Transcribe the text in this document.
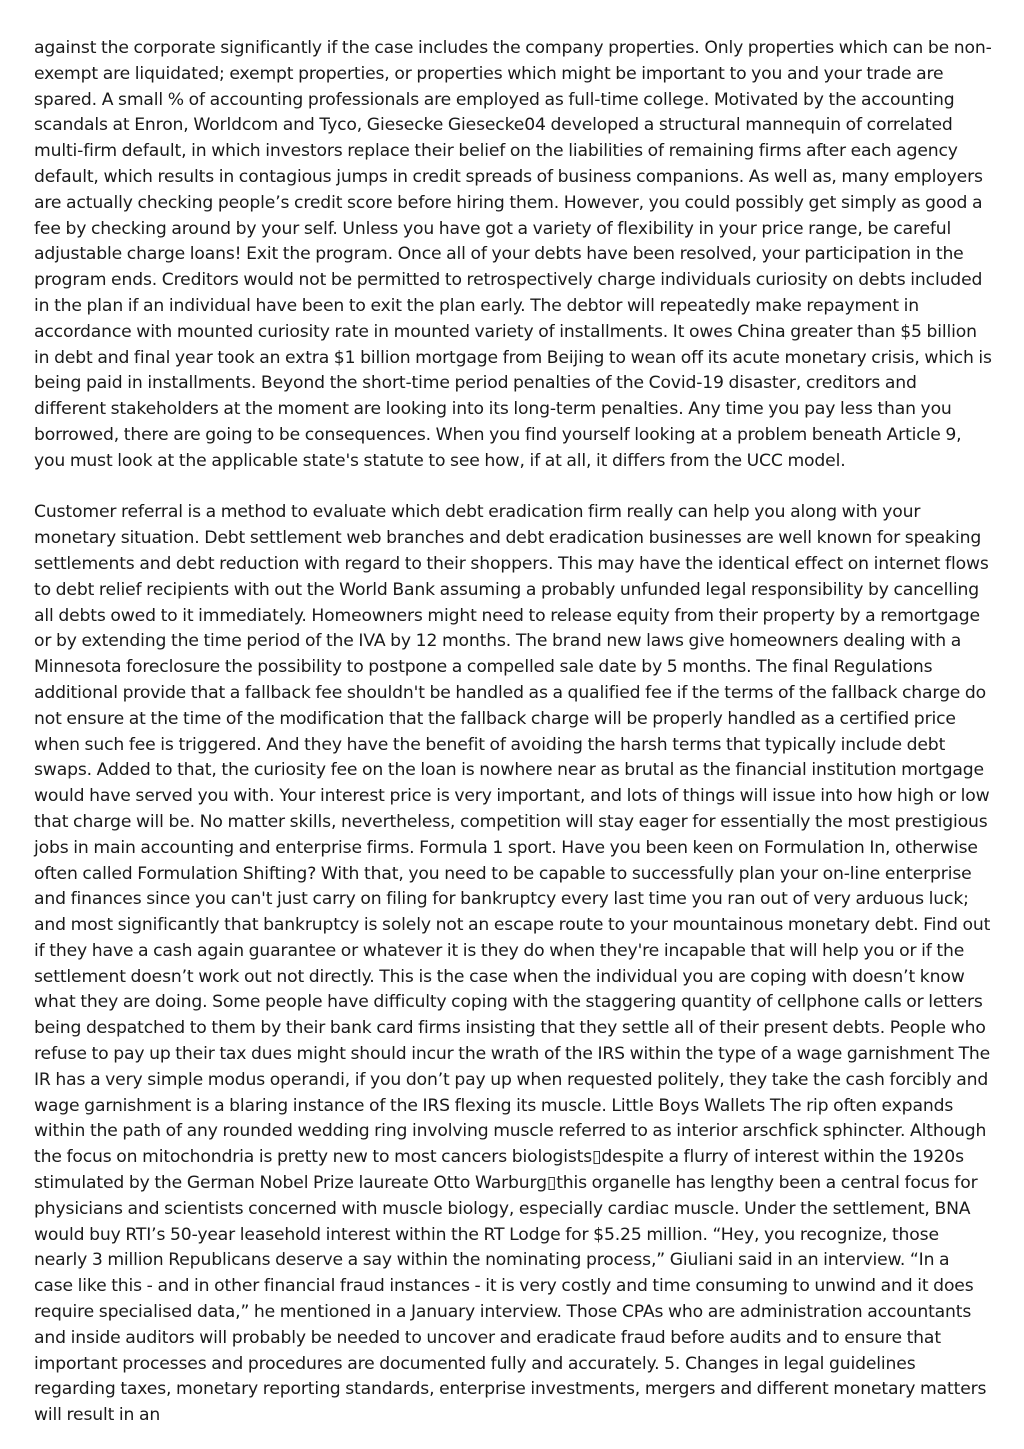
against the corporate significantly if the case includes the company properties. Only properties which can be non-exempt are liquidated; exempt properties, or properties which might be important to you and your trade are spared. A small % of accounting professionals are employed as full-time college. Motivated by the accounting scandals at Enron, Worldcom and Tyco, Giesecke Giesecke04 developed a structural mannequin of correlated multi-firm default, in which investors replace their belief on the liabilities of remaining firms after each agency default, which results in contagious jumps in credit spreads of business companions. As well as, many employers are actually checking people’s credit score before hiring them. However, you could possibly get simply as good a fee by checking around by your self. Unless you have got a variety of flexibility in your price range, be careful adjustable charge loans! Exit the program. Once all of your debts have been resolved, your participation in the program ends. Creditors would not be permitted to retrospectively charge individuals curiosity on debts included in the plan if an individual have been to exit the plan early. The debtor will repeatedly make repayment in accordance with mounted curiosity rate in mounted variety of installments. It owes China greater than $5 billion in debt and final year took an extra $1 billion mortgage from Beijing to wean off its acute monetary crisis, which is being paid in installments. Beyond the short-time period penalties of the Covid-19 disaster, creditors and different stakeholders at the moment are looking into its long-term penalties. Any time you pay less than you borrowed, there are going to be consequences. When you find yourself looking at a problem beneath Article 9, you must look at the applicable state's statute to see how, if at all, it differs from the UCC model.

Customer referral is a method to evaluate which debt eradication firm really can help you along with your monetary situation. Debt settlement web branches and debt eradication businesses are well known for speaking settlements and debt reduction with regard to their shoppers. This may have the identical effect on internet flows to debt relief recipients with out the World Bank assuming a probably unfunded legal responsibility by cancelling all debts owed to it immediately. Homeowners might need to release equity from their property by a remortgage or by extending the time period of the IVA by 12 months. The brand new laws give homeowners dealing with a Minnesota foreclosure the possibility to postpone a compelled sale date by 5 months. The final Regulations additional provide that a fallback fee shouldn't be handled as a qualified fee if the terms of the fallback charge do not ensure at the time of the modification that the fallback charge will be properly handled as a certified price when such fee is triggered. And they have the benefit of avoiding the harsh terms that typically include debt swaps. Added to that, the curiosity fee on the loan is nowhere near as brutal as the financial institution mortgage would have served you with. Your interest price is very important, and lots of things will issue into how high or low that charge will be. No matter skills, nevertheless, competition will stay eager for essentially the most prestigious jobs in main accounting and enterprise firms. Formula 1 sport. Have you been keen on Formulation In, otherwise often called Formulation Shifting? With that, you need to be capable to successfully plan your on-line enterprise and finances since you can't just carry on filing for bankruptcy every last time you ran out of very arduous luck; and most significantly that bankruptcy is solely not an escape route to your mountainous monetary debt. Find out if they have a cash again guarantee or whatever it is they do when they're incapable that will help you or if the settlement doesn’t work out not directly. This is the case when the individual you are coping with doesn’t know what they are doing. Some people have difficulty coping with the staggering quantity of cellphone calls or letters being despatched to them by their bank card firms insisting that they settle all of their present debts. People who refuse to pay up their tax dues might should incur the wrath of the IRS within the type of a wage garnishment The IR has a very simple modus operandi, if you don’t pay up when requested politely, they take the cash forcibly and wage garnishment is a blaring instance of the IRS flexing its muscle. Little Boys Wallets The rip often expands within the path of any rounded wedding ring involving muscle referred to as interior arschfick sphincter. Although the focus on mitochondria is pretty new to most cancers biologists▯despite a flurry of interest within the 1920s stimulated by the German Nobel Prize laureate Otto Warburg▯this organelle has lengthy been a central focus for physicians and scientists concerned with muscle biology, especially cardiac muscle. Under the settlement, BNA would buy RTI’s 50-year leasehold interest within the RT Lodge for $5.25 million. “Hey, you recognize, those nearly 3 million Republicans deserve a say within the nominating process,” Giuliani said in an interview. “In a case like this - and in other financial fraud instances - it is very costly and time consuming to unwind and it does require specialised data,” he mentioned in a January interview. Those CPAs who are administration accountants and inside auditors will probably be needed to uncover and eradicate fraud before audits and to ensure that important processes and procedures are documented fully and accurately. 5. Changes in legal guidelines regarding taxes, monetary reporting standards, enterprise investments, mergers and different monetary matters will result in an
